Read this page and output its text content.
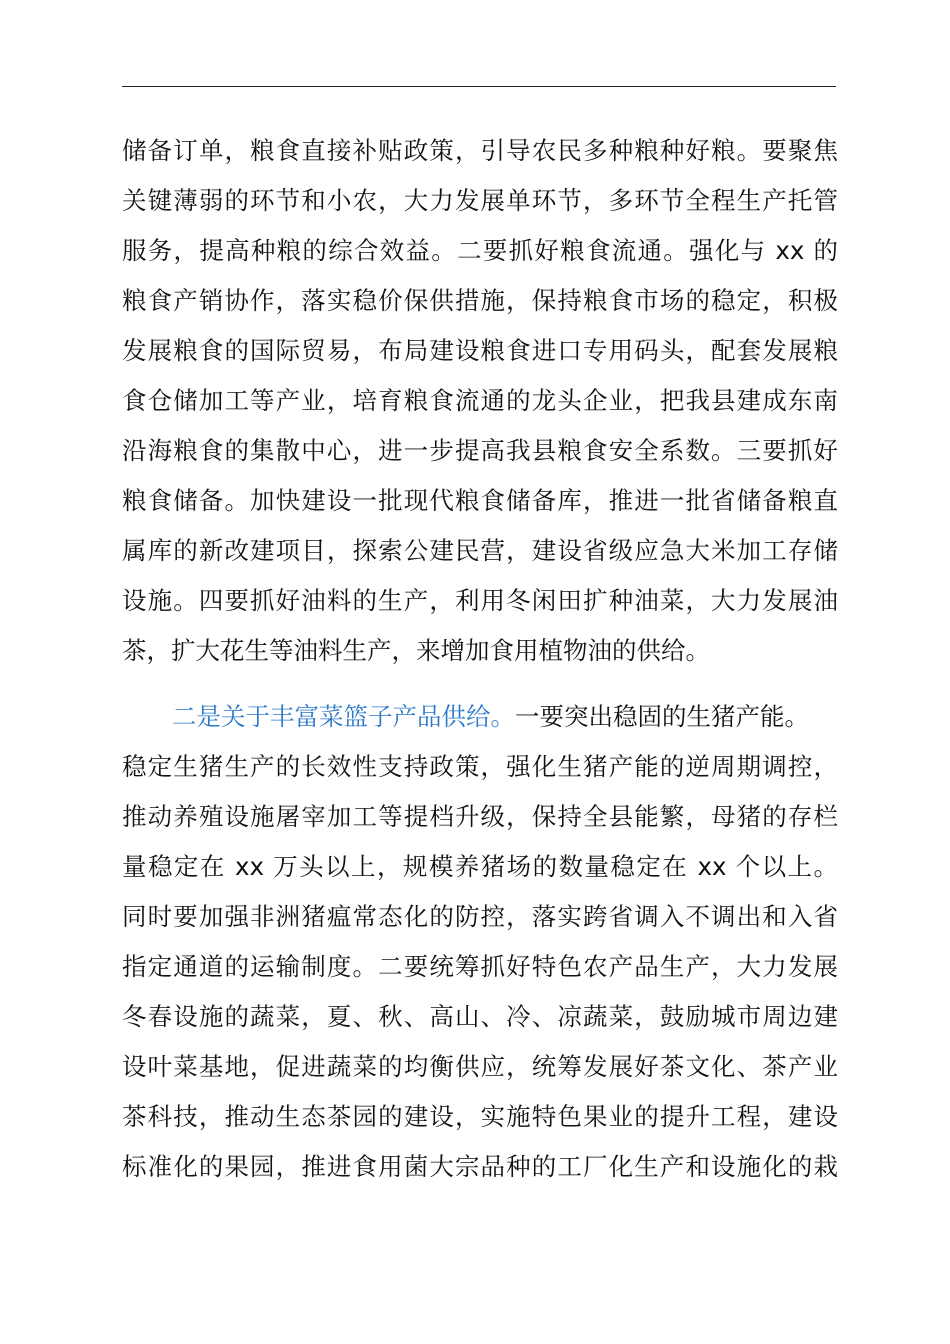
储备订单，粮食直接补贴政策，引导农民多种粮种好粮。要聚焦
关键薄弱的环节和小农，大力发展单环节，多环节全程生产托管
服务，提高种粮的综合效益。二要抓好粮食流通。强化与 xx 的
粮食产销协作，落实稳价保供措施，保持粮食市场的稳定，积极
发展粮食的国际贸易，布局建设粮食进口专用码头，配套发展粮
食仓储加工等产业，培育粮食流通的龙头企业，把我县建成东南
沿海粮食的集散中心，进一步提高我县粮食安全系数。三要抓好
粮食储备。加快建设一批现代粮食储备库，推进一批省储备粮直
属库的新改建项目，探索公建民营，建设省级应急大米加工存储
设施。四要抓好油料的生产，利用冬闲田扩种油菜，大力发展油
茶，扩大花生等油料生产，来增加食用植物油的供给。
二是关于丰富菜篮子产品供给。一要突出稳固的生猪产能。
稳定生猪生产的长效性支持政策，强化生猪产能的逆周期调控，
推动养殖设施屠宰加工等提档升级，保持全县能繁，母猪的存栏
量稳定在 xx 万头以上，规模养猪场的数量稳定在 xx 个以上。
同时要加强非洲猪瘟常态化的防控，落实跨省调入不调出和入省
指定通道的运输制度。二要统筹抓好特色农产品生产，大力发展
冬春设施的蔬菜，夏、秋、高山、冷、凉蔬菜，鼓励城市周边建
设叶菜基地，促进蔬菜的均衡供应，统筹发展好茶文化、茶产业
茶科技，推动生态茶园的建设，实施特色果业的提升工程，建设
标准化的果园，推进食用菌大宗品种的工厂化生产和设施化的栽
